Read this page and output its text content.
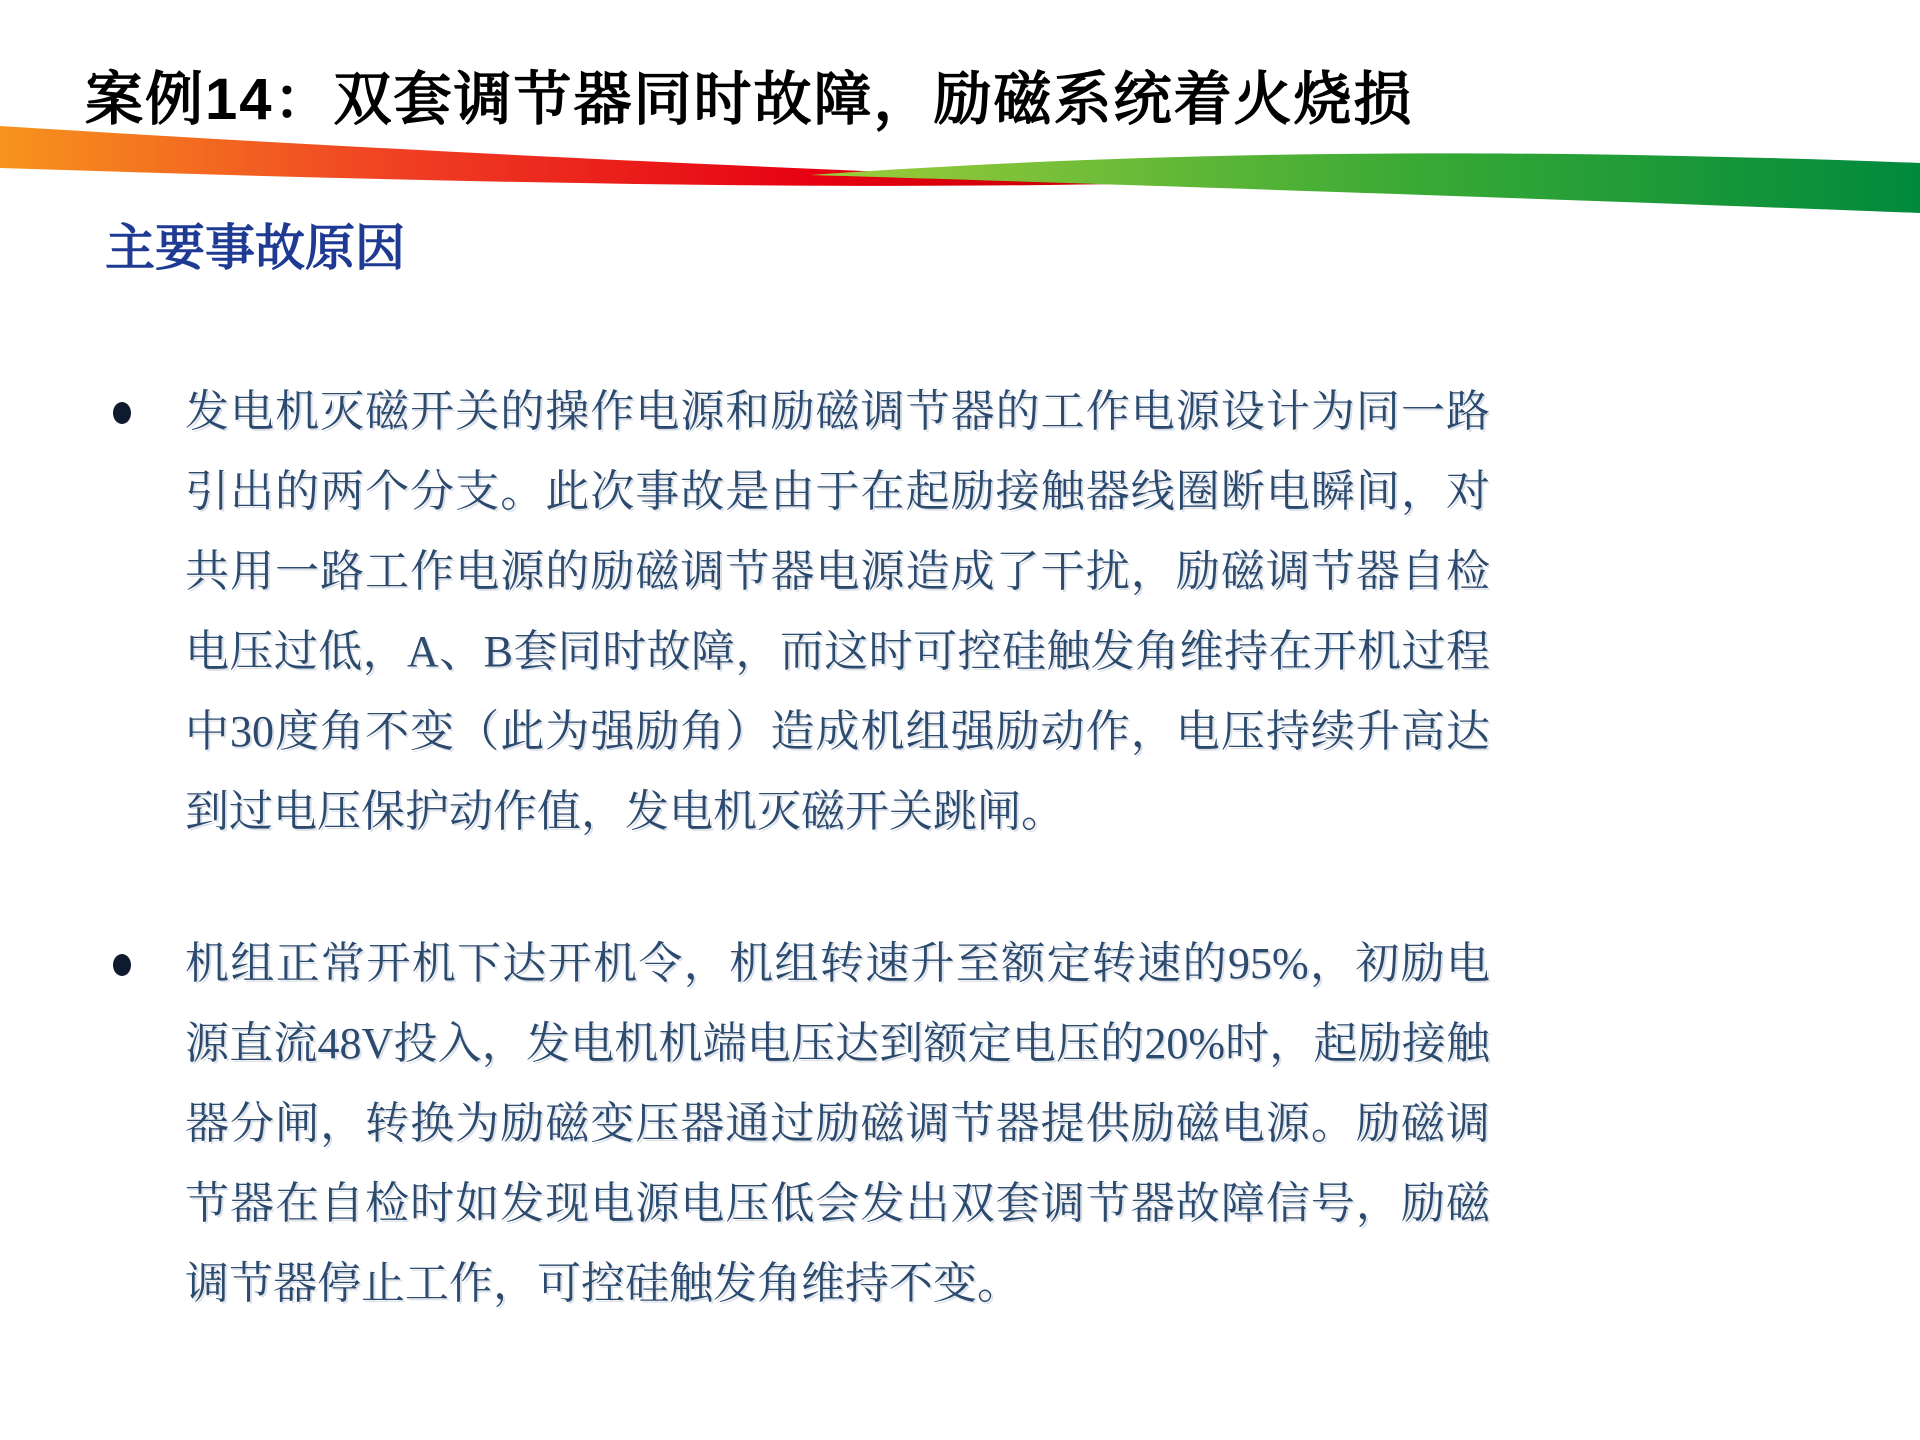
案例14：双套调节器同时故障，励磁系统着火烧损
主要事故原因
发电机灭磁开关的操作电源和励磁调节器的工作电源设计为同一路引出的两个分支。此次事故是由于在起励接触器线圈断电瞬间，对共用一路工作电源的励磁调节器电源造成了干扰，励磁调节器自检电压过低，A、B套同时故障，而这时可控硅触发角维持在开机过程中30度角不变（此为强励角）造成机组强励动作，电压持续升高达到过电压保护动作值，发电机灭磁开关跳闸。
机组正常开机下达开机令，机组转速升至额定转速的95%，初励电源直流48V投入，发电机机端电压达到额定电压的20%时，起励接触器分闸，转换为励磁变压器通过励磁调节器提供励磁电源。励磁调节器在自检时如发现电源电压低会发出双套调节器故障信号，励磁调节器停止工作，可控硅触发角维持不变。
